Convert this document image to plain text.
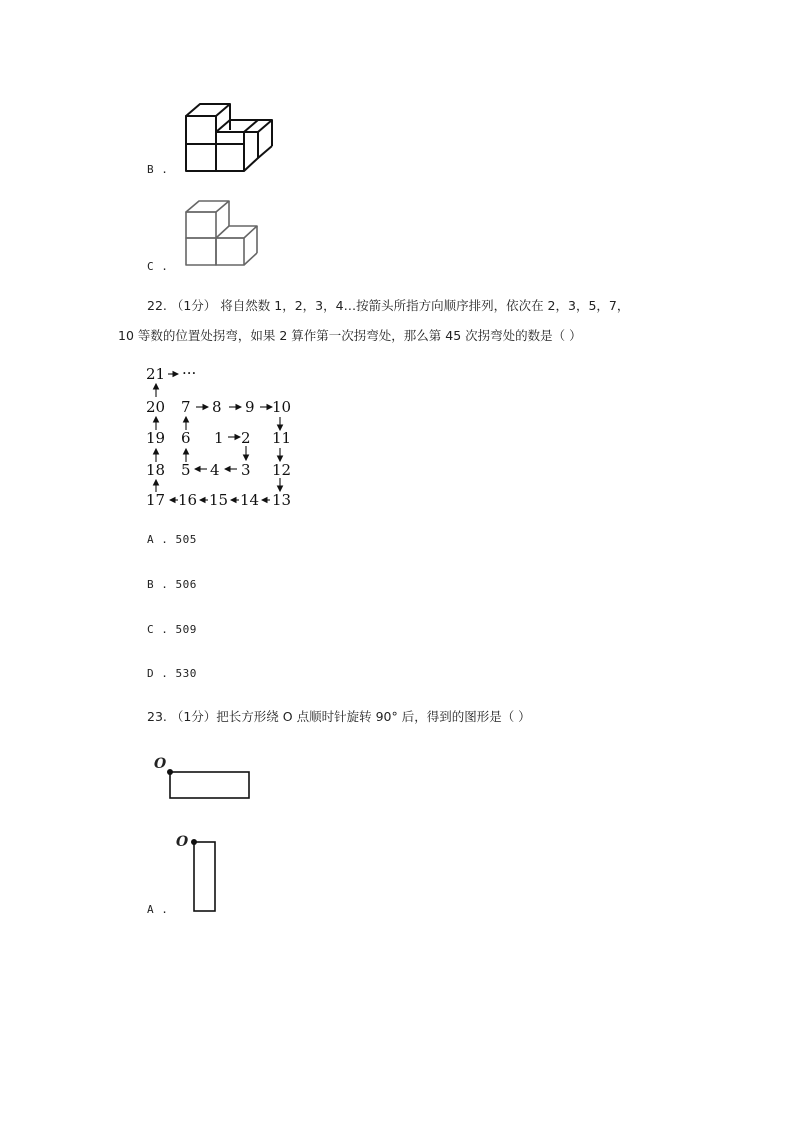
B .
C .
22. （1分） 将自然数 1，2，3，4…按箭头所指方向顺序排列，依次在 2，3，5，7，
10 等数的位置处拐弯，如果 2 算作第一次拐弯处，那么第 45 次拐弯处的数是（ ）
21 ···
20 7 8 9 10
19 6 1 2 11
18 5 4 3 12
17 16 15 14 13
A . 505
B . 506
C . 509
D . 530
23. （1分）把长方形绕 O 点顺时针旋转 90° 后，得到的图形是（ ）
O
O
A .
